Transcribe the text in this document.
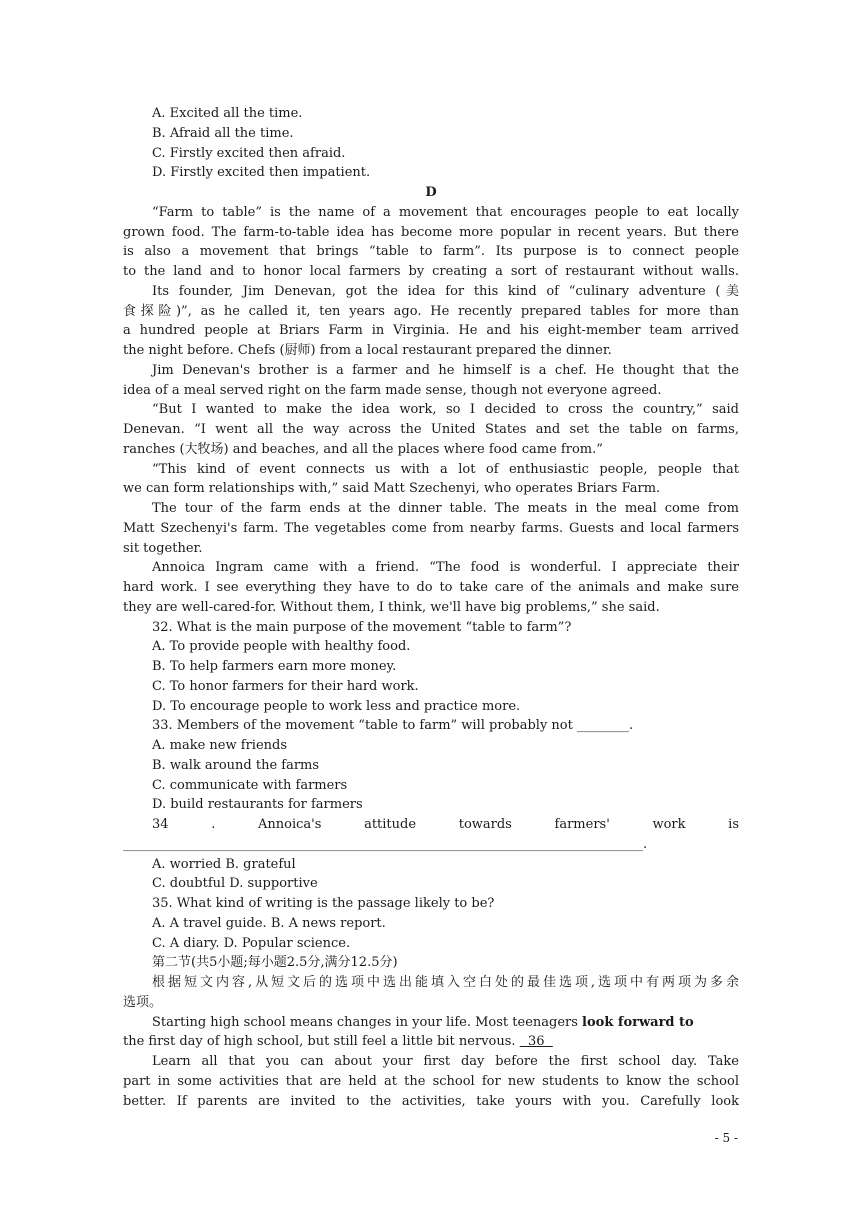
A. Excited all the time.
B. Afraid all the time.
C. Firstly excited then afraid.
D. Firstly excited then impatient.
D
“Farm to table” is the name of a movement that encourages people to eat locally
grown food. The farm-to-table idea has become more popular in recent years. But there
is also a movement that brings “table to farm”. Its purpose is to connect people
to the land and to honor local farmers by creating a sort of restaurant without walls.
Its founder, Jim Denevan, got the idea for this kind of “culinary adventure (美
食探险)”, as he called it, ten years ago. He recently prepared tables for more than
a hundred people at Briars Farm in Virginia. He and his eight-member team arrived
the night before. Chefs (厨师) from a local restaurant prepared the dinner.
Jim Denevan's brother is a farmer and he himself is a chef. He thought that the
idea of a meal served right on the farm made sense, though not everyone agreed.
“But I wanted to make the idea work, so I decided to cross the country,” said
Denevan. “I went all the way across the United States and set the table on farms,
ranches (大牧场) and beaches, and all the places where food came from.”
“This kind of event connects us with a lot of enthusiastic people, people that
we can form relationships with,” said Matt Szechenyi, who operates Briars Farm.
The tour of the farm ends at the dinner table. The meats in the meal come from
Matt Szechenyi's farm. The vegetables come from nearby farms. Guests and local farmers
sit together.
Annoica Ingram came with a friend. “The food is wonderful. I appreciate their
hard work. I see everything they have to do to take care of the animals and make sure
they are well-cared-for. Without them, I think, we'll have big problems,” she said.
32. What is the main purpose of the movement “table to farm”?
A. To provide people with healthy food.
B. To help farmers earn more money.
C. To honor farmers for their hard work.
D. To encourage people to work less and practice more.
33. Members of the movement “table to farm” will probably not ________.
A. make new friends
B. walk around the farms
C. communicate with farmers
D. build restaurants for farmers
34 . Annoica's attitude towards farmers' work is
________________________________________________________________________________.
A. worried B. grateful
C. doubtful D. supportive
35. What kind of writing is the passage likely to be?
A. A travel guide. B. A news report.
C. A diary. D. Popular science.
第二节(共5小题;每小题2.5分,满分12.5分)
根据短文内容,从短文后的选项中选出能填入空白处的最佳选项,选项中有两项为多余
选项。
Starting high school means changes in your life. Most teenagers look forward to
the first day of high school, but still feel a little bit nervous.   36
Learn all that you can about your first day before the first school day. Take
part in some activities that are held at the school for new students to know the school
better. If parents are invited to the activities, take yours with you. Carefully look
- 5 -
